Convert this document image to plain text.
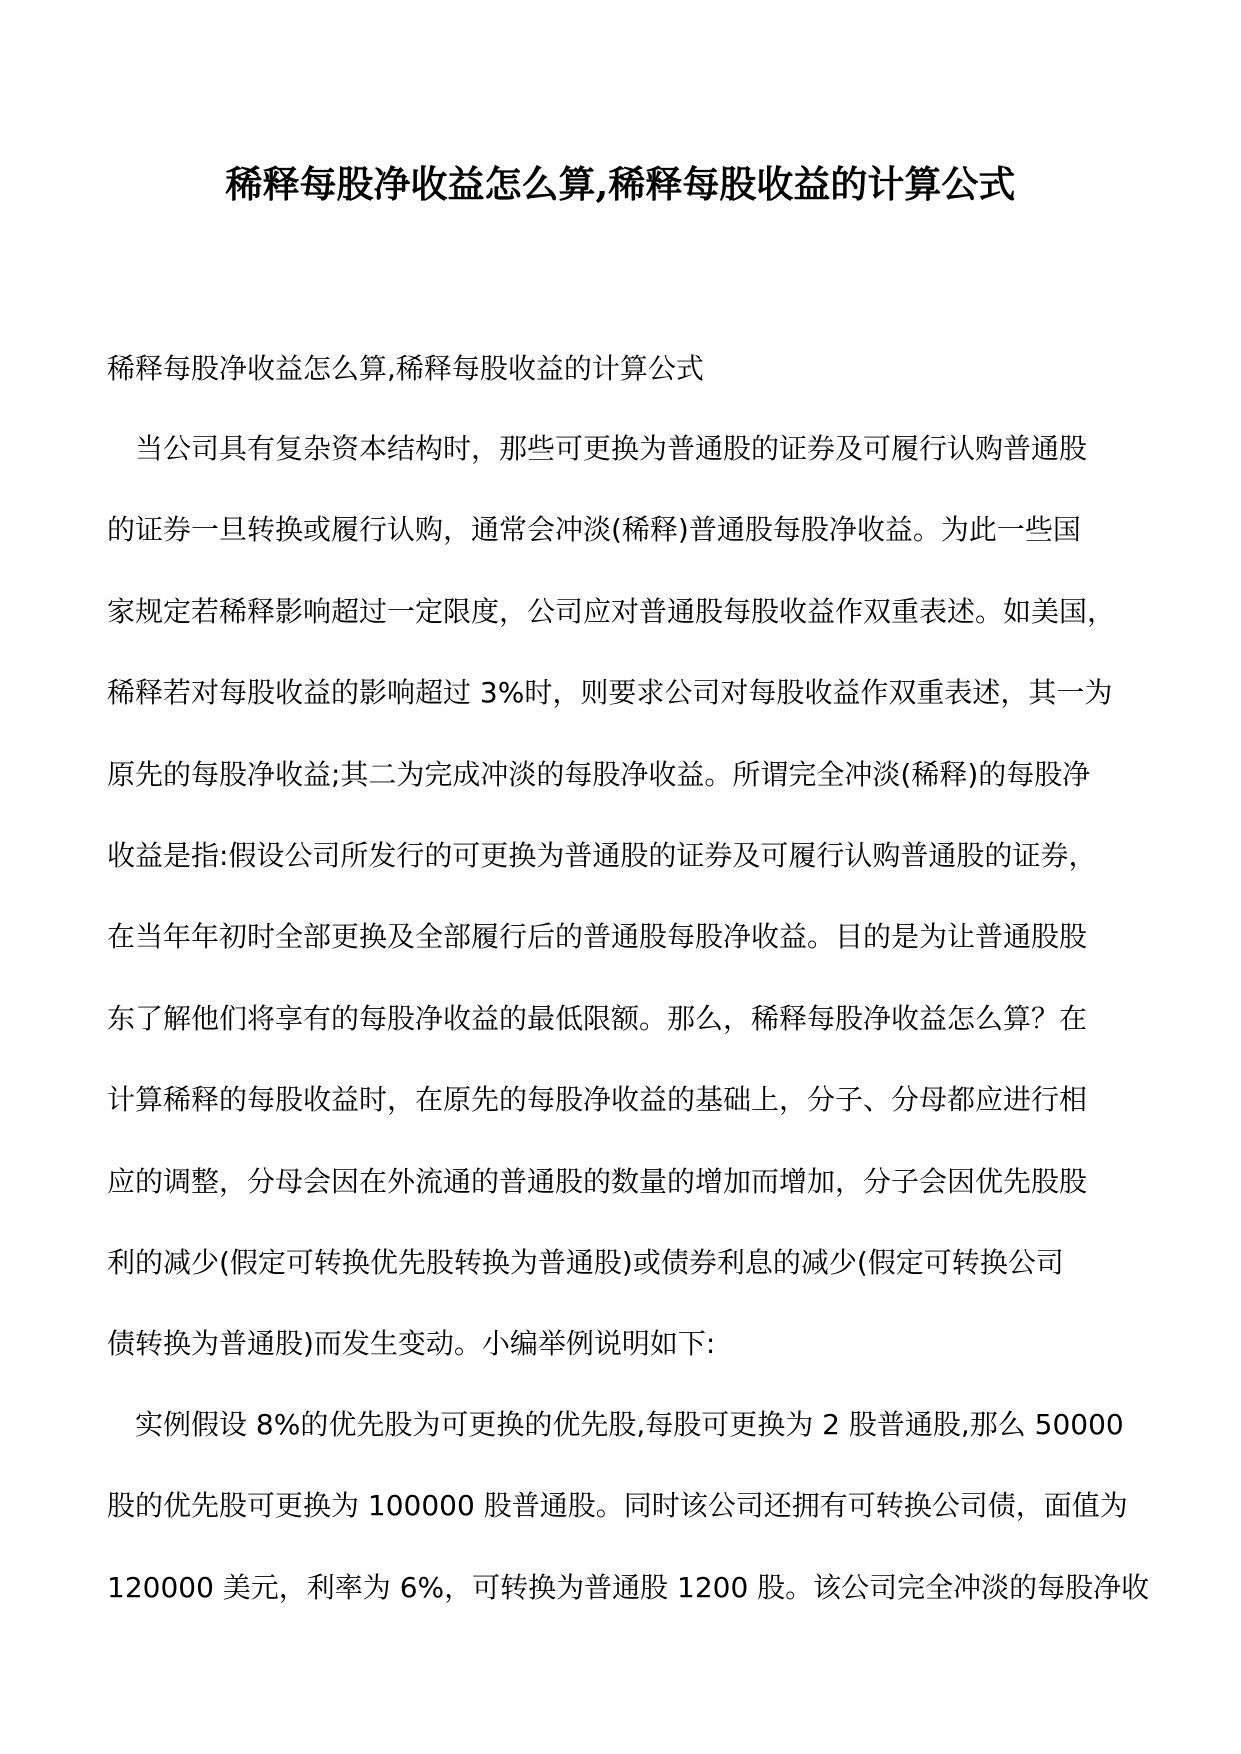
稀释每股净收益怎么算,稀释每股收益的计算公式

稀释每股净收益怎么算,稀释每股收益的计算公式

　当公司具有复杂资本结构时，那些可更换为普通股的证券及可履行认购普通股
的证券一旦转换或履行认购，通常会冲淡(稀释)普通股每股净收益。为此一些国
家规定若稀释影响超过一定限度，公司应对普通股每股收益作双重表述。如美国，
稀释若对每股收益的影响超过 3%时，则要求公司对每股收益作双重表述，其一为
原先的每股净收益;其二为完成冲淡的每股净收益。所谓完全冲淡(稀释)的每股净
收益是指:假设公司所发行的可更换为普通股的证券及可履行认购普通股的证券，
在当年年初时全部更换及全部履行后的普通股每股净收益。目的是为让普通股股
东了解他们将享有的每股净收益的最低限额。那么，稀释每股净收益怎么算？在
计算稀释的每股收益时，在原先的每股净收益的基础上，分子、分母都应进行相
应的调整，分母会因在外流通的普通股的数量的增加而增加，分子会因优先股股
利的减少(假定可转换优先股转换为普通股)或债券利息的减少(假定可转换公司
债转换为普通股)而发生变动。小编举例说明如下:
　实例假设 8%的优先股为可更换的优先股,每股可更换为 2 股普通股,那么 50000
股的优先股可更换为 100000 股普通股。同时该公司还拥有可转换公司债，面值为
120000 美元，利率为 6%，可转换为普通股 1200 股。该公司完全冲淡的每股净收
